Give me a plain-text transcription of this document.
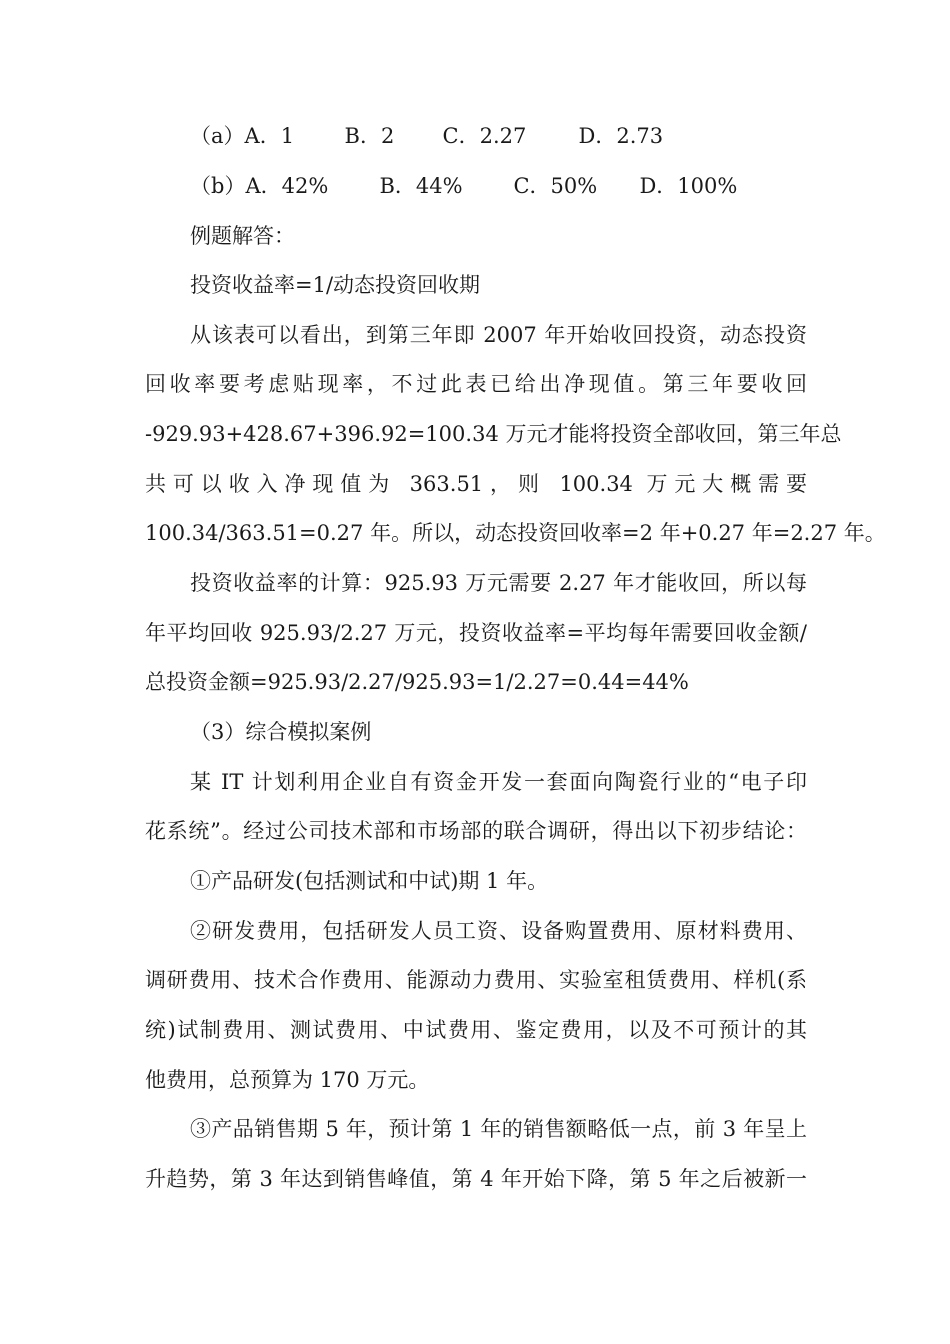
（a）A．1 B．2 C．2.27 D．2.73
（b）A．42% B．44% C．50% D．100%
例题解答：
投资收益率=1/动态投资回收期
从该表可以看出，到第三年即 2007 年开始收回投资，动态投资
回收率要考虑贴现率，不过此表已给出净现值。第三年要收回
-929.93+428.67+396.92=100.34 万元才能将投资全部收回，第三年总
共可以收入净现值为 363.51，则 100.34 万元大概需要
100.34/363.51=0.27 年。所以，动态投资回收率=2 年+0.27 年=2.27 年。
投资收益率的计算：925.93 万元需要 2.27 年才能收回，所以每
年平均回收 925.93/2.27 万元，投资收益率=平均每年需要回收金额/
总投资金额=925.93/2.27/925.93=1/2.27=0.44=44%
（3）综合模拟案例
某 IT 计划利用企业自有资金开发一套面向陶瓷行业的“电子印
花系统”。经过公司技术部和市场部的联合调研，得出以下初步结论：
①产品研发(包括测试和中试)期 1 年。
②研发费用，包括研发人员工资、设备购置费用、原材料费用、
调研费用、技术合作费用、能源动力费用、实验室租赁费用、样机(系
统)试制费用、测试费用、中试费用、鉴定费用，以及不可预计的其
他费用，总预算为 170 万元。
③产品销售期 5 年，预计第 1 年的销售额略低一点，前 3 年呈上
升趋势，第 3 年达到销售峰值，第 4 年开始下降，第 5 年之后被新一
